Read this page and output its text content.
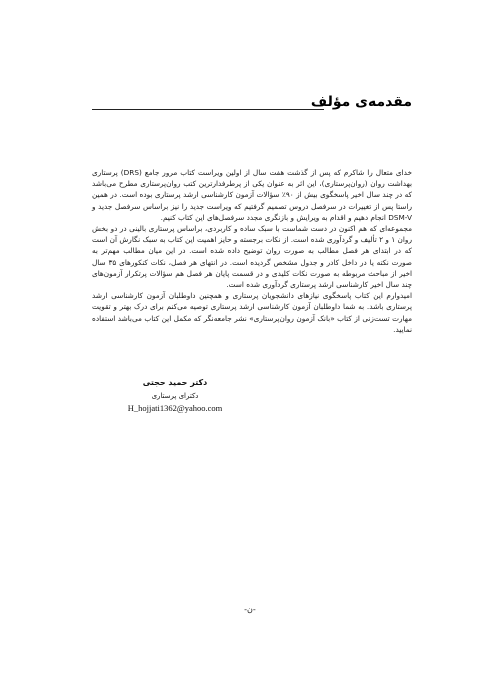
مقدمه‌ی مؤلف

خدای متعال را شاکرم که پس از گذشت هفت سال از اولین ویراست کتاب مرور جامع (DRS) پرستاری بهداشت روان (روان‌پرستاری)، این اثر به عنوان یکی از پرطرفدارترین کتب روان‌پرستاری مطرح می‌باشد که در چند سال اخیر پاسخگوی بیش از ۹۰٪ سؤالات آزمون کارشناسی ارشد پرستاری بوده است. در همین راستا پس از تغییرات در سرفصل دروس تصمیم گرفتیم که ویراست جدید را نیز براساس سرفصل جدید و DSM-V انجام دهیم و اقدام به ویرایش و بازنگری مجدد سرفصل‌های این کتاب کنیم.

مجموعه‌ای که هم اکنون در دست شماست با سبک ساده و کاربردی، براساس پرستاری بالینی در دو بخش روان ۱ و ۲ تألیف و گردآوری شده است. از نکات برجسته و حایز اهمیت این کتاب به سبک نگارش آن است که در ابتدای هر فصل مطالب به صورت روان توضیح داده شده است. در این میان مطالب مهم‌تر به صورت نکته یا در داخل کادر و جدول مشخص گردیده است. در انتهای هر فصل، نکات کنکورهای ۳۵ سال اخیر از مباحث مربوطه به صورت نکات کلیدی و در قسمت پایان هر فصل هم سؤالات پرتکرار آزمون‌های چند سال اخیر کارشناسی ارشد پرستاری گردآوری شده است.

امیدوارم این کتاب پاسخگوی نیازهای دانشجویان پرستاری و همچنین داوطلبان آزمون کارشناسی ارشد پرستاری باشد. به شما داوطلبان آزمون کارشناسی ارشد پرستاری توصیه می‌کنم برای درک بهتر و تقویت مهارت تست‌زنی از کتاب «بانک آزمون روان‌پرستاری» نشر جامعه‌نگر که مکمل این کتاب می‌باشد استفاده نمایید.

دکتر حمید حجتی
دکترای پرستاری
H_hojjati1362@yahoo.com
-ن-
